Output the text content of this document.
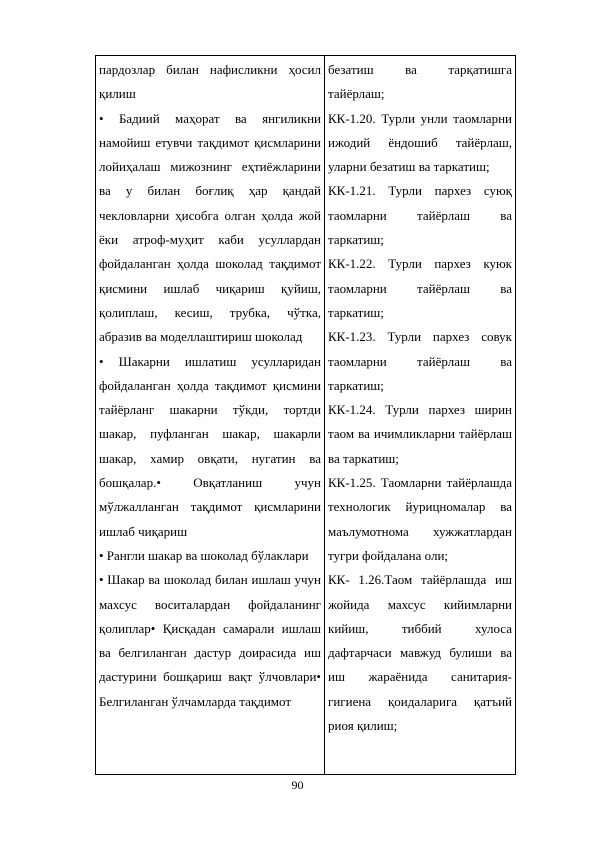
пардозлар билан нафисликни ҳосил қилиш

• Бадиий маҳорат ва янгиликни намойиш етувчи тақдимот қисмларини лойиҳалаш мижознинг еҳтиёжларини ва у билан боғлиқ ҳар қандай чекловларни ҳисобга олган ҳолда жой ёки атроф-муҳит каби усуллардан фойдаланган ҳолда шоколад тақдимот қисмини ишлаб чиқариш қуйиш, қолиплаш, кесиш, трубка, чўтка, абразив ва моделлаштириш шоколад

• Шакарни ишлатиш усулларидан фойдаланган ҳолда тақдимот қисмини тайёрланг шакарни тўкди, тортди шакар, пуфланган шакар, шакарли шакар, хамир овқати, нугатин ва бошқалар.• Овқатланиш учун мўлжалланган тақдимот қисмларини ишлаб чиқариш

• Рангли шакар ва шоколад бўлаклари

• Шакар ва шоколад билан ишлаш учун махсус воситалардан фойдаланинг қолиплар• Қисқадан самарали ишлаш ва белгиланган дастур доирасида иш дастурини бошқариш вақт ўлчовлари• Белгиланган ўлчамларда тақдимот

безатиш ва тарқатишга тайёрлаш;

КК-1.20. Турли унли таомларни ижодий ёндошиб тайёрлаш, уларни безатиш ва таркатиш;

КК-1.21. Турли пархез суюқ таомларни тайёрлаш ва таркатиш;

КК-1.22. Турли пархез куюк таомларни тайёрлаш ва таркатиш;

КК-1.23. Турли пархез совук таомларни тайёрлаш ва таркатиш;

КК-1.24. Турли пархез ширин таом ва ичимликларни тайёрлаш ва таркатиш;

КК-1.25. Таомларни тайёрлашда технологик йурицномалар ва маълумотнома хужжатлардан тугри фойдалана оли;

КК- 1.26.Таом тайёрлашда иш жойида махсус кийимларни кийиш, тиббий хулоса дафтарчаси мавжуд булиши ва иш жараёнида санитария-гигиена қоидаларига қатъий риоя қилиш;

90
